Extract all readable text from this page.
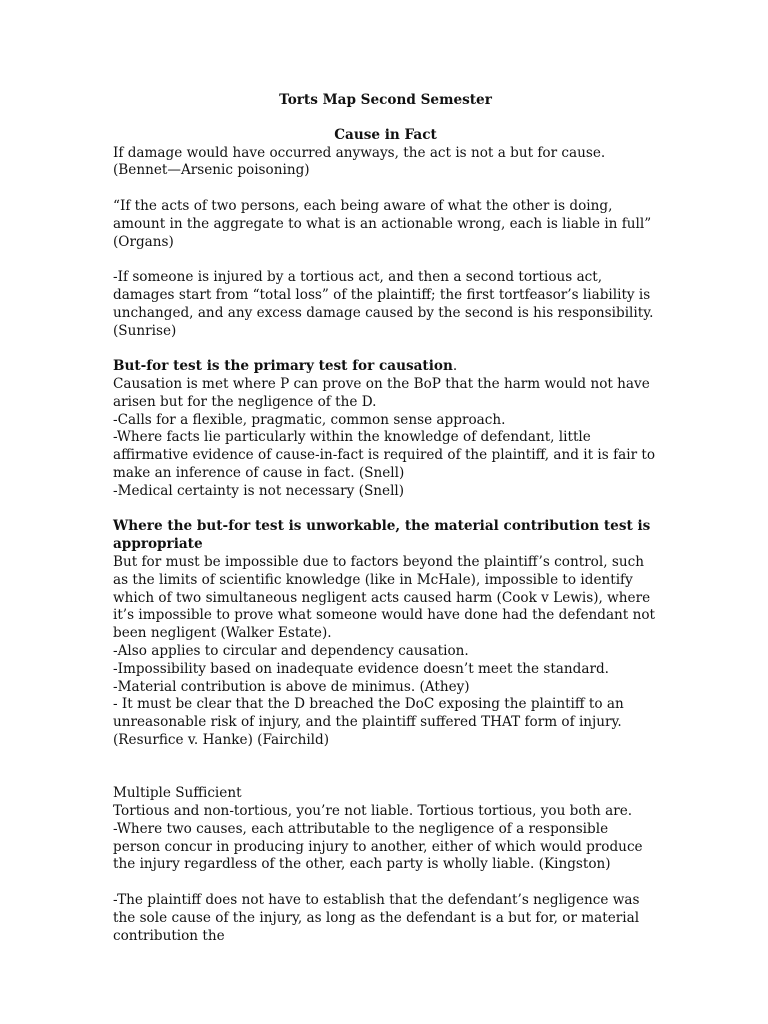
Torts Map Second Semester

Cause in Fact

If damage would have occurred anyways, the act is not a but for cause. (Bennet—Arsenic poisoning)

“If the acts of two persons, each being aware of what the other is doing, amount in the aggregate to what is an actionable wrong, each is liable in full” (Organs)

-If someone is injured by a tortious act, and then a second tortious act, damages start from “total loss” of the plaintiff; the first tortfeasor’s liability is unchanged, and any excess damage caused by the second is his responsibility. (Sunrise)

But-for test is the primary test for causation.

Causation is met where P can prove on the BoP that the harm would not have arisen but for the negligence of the D.

-Calls for a flexible, pragmatic, common sense approach.

-Where facts lie particularly within the knowledge of defendant, little affirmative evidence of cause-in-fact is required of the plaintiff, and it is fair to make an inference of cause in fact. (Snell)

-Medical certainty is not necessary (Snell)

Where the but-for test is unworkable, the material contribution test is appropriate

But for must be impossible due to factors beyond the plaintiff’s control, such as the limits of scientific knowledge (like in McHale), impossible to identify which of two simultaneous negligent acts caused harm (Cook v Lewis), where it’s impossible to prove what someone would have done had the defendant not been negligent (Walker Estate).

-Also applies to circular and dependency causation.

-Impossibility based on inadequate evidence doesn’t meet the standard.

-Material contribution is above de minimus. (Athey)

- It must be clear that the D breached the DoC exposing the plaintiff to an unreasonable risk of injury, and the plaintiff suffered THAT form of injury. (Resurfice v. Hanke) (Fairchild)

Multiple Sufficient

Tortious and non-tortious, you’re not liable. Tortious tortious, you both are.

-Where two causes, each attributable to the negligence of a responsible person concur in producing injury to another, either of which would produce the injury regardless of the other, each party is wholly liable. (Kingston)

-The plaintiff does not have to establish that the defendant’s negligence was the sole cause of the injury, as long as the defendant is a but for, or material contribution the
